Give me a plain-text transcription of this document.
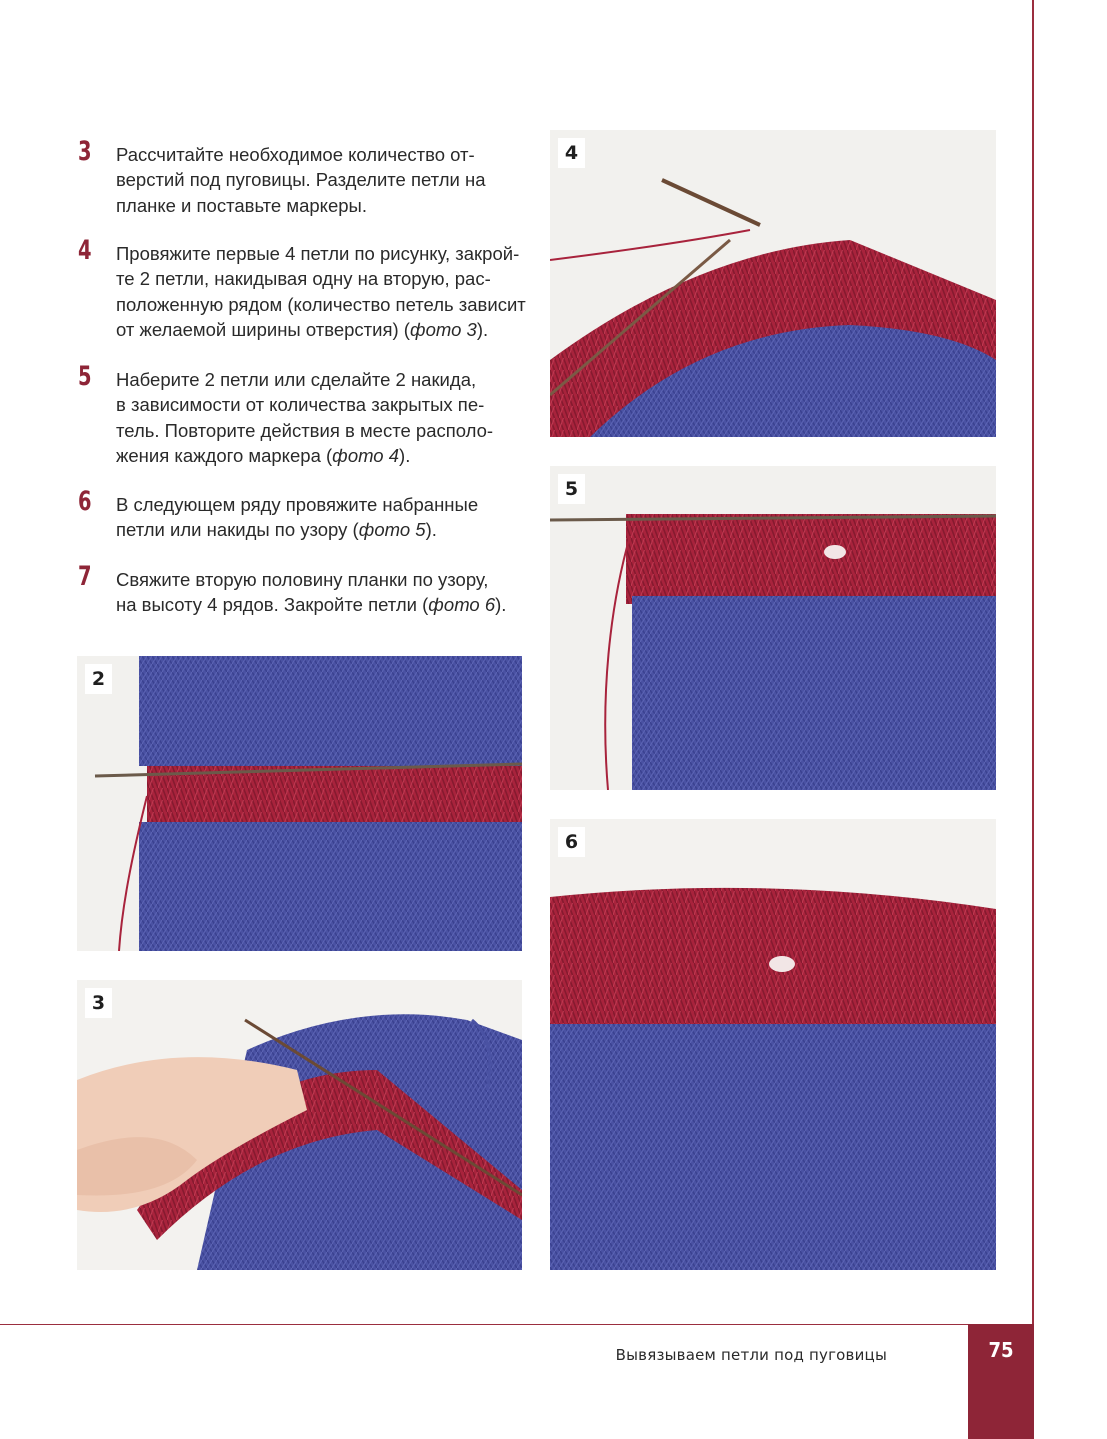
3 Рассчитайте необходимое количество от-
верстий под пуговицы. Разделите петли на
планке и поставьте маркеры.

4 Провяжите первые 4 петли по рисунку, закрой-
те 2 петли, накидывая одну на вторую, рас-
положенную рядом (количество петель зависит
от желаемой ширины отверстия) (фото 3).

5 Наберите 2 петли или сделайте 2 накида,
в зависимости от количества закрытых пе-
тель. Повторите действия в месте располо-
жения каждого маркера (фото 4).

6 В следующем ряду провяжите набранные
петли или накиды по узору (фото 5).

7 Свяжите вторую половину планки по узору,
на высоту 4 рядов. Закройте петли (фото 6).

2
3
4
5
6
Вывязываем петли под пуговицы	75
